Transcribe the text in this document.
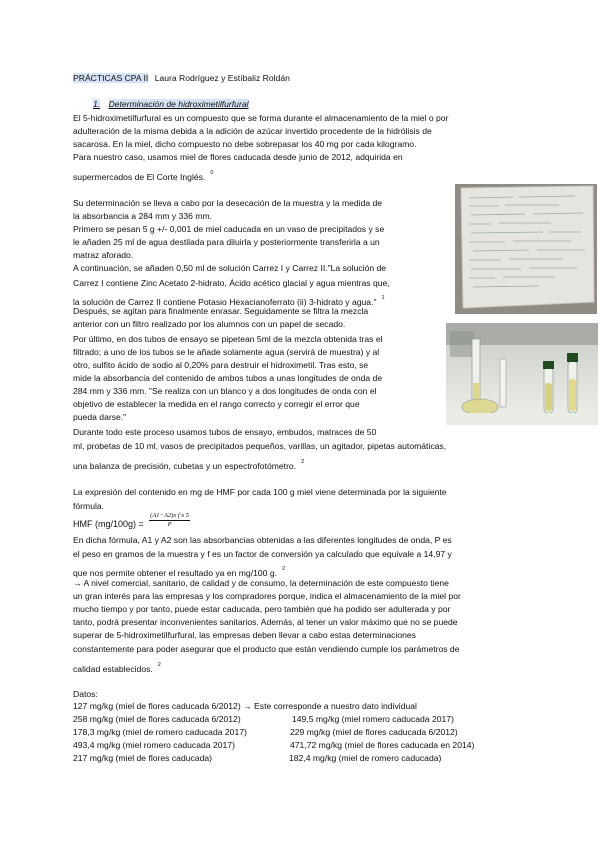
PRÁCTICAS CPA II Laura Rodríguez y Estíbaliz Roldán
1. Determinación de hidroximetilfurfural
El 5-hidroximetilfurfural es un compuesto que se forma durante el almacenamiento de la miel o por
adulteración de la misma debida a la adición de azúcar invertido procedente de la hidrólisis de
sacarosa. En la miel, dicho compuesto no debe sobrepasar los 40 mg por cada kilogramo.
Para nuestro caso, usamos miel de flores caducada desde junio de 2012, adquirida en
supermercados de El Corte Inglés. $^0$
Su determinación se lleva a cabo por la desecación de la muestra y la medida de
la absorbancia a 284 mm y 336 mm.
Primero se pesan 5 g +/- 0,001 de miel caducada en un vaso de precipitados y se
le añaden 25 ml de agua destilada para diluirla y posteriormente transferirla a un
matraz aforado.
A continuación, se añaden 0,50 ml de solución Carrez I y Carrez II."La solución de
Carrez I contiene Zinc Acetato 2-hidrato, Ácido acético glacial y agua mientras que,
la solución de Carrez II contiene Potasio Hexacianoferrato (ii) 3-hidrato y agua." $^1$
Después, se agitan para finalmente enrasar. Seguidamente se filtra la mezcla
anterior con un filtro realizado por los alumnos con un papel de secado.
Por último, en dos tubos de ensayo se pipetean 5ml de la mezcla obtenida tras el
filtrado; a uno de los tubos se le añade solamente agua (servirá de muestra) y al
otro, sulfito ácido de sodio al 0,20% para destruir el hidroximetil. Tras esto, se
mide la absorbancia del contenido de ambos tubos a unas longitudes de onda de
284 mm y 336 mm. "Se realiza con un blanco y a dos longitudes de onda con el
objetivo de establecer la medida en el rango correcto y corregir el error que
pueda darse."
Durante todo este proceso usamos tubos de ensayo, embudos, matraces de 50
ml, probetas de 10 ml, vasos de precipitados pequeños, varillas, un agitador, pipetas automáticas,
una balanza de precisión, cubetas y un espectrofotómetro. $^2$
La expresión del contenido en mg de HMF por cada 100 g miel viene determinada por la siguiente
fórmula.
HMF $(mg/100g) = \frac{\text{(A1−A2)x f x 5}}{P}$
En dicha fórmula, A1 y A2 son las absorbancias obtenidas a las diferentes longitudes de onda, P es
el peso en gramos de la muestra y f es un factor de conversión ya calculado que equivale a 14,97 y
que nos permite obtener el resultado ya en mg/100 g. $^2$
→ A nivel comercial, sanitario, de calidad y de consumo, la determinación de este compuesto tiene
un gran interés para las empresas y los compradores porque, indica el almacenamiento de la miel por
mucho tiempo y por tanto, puede estar caducada, pero también que ha podido ser adulterada y por
tanto, podrá presentar inconvenientes sanitarios. Además, al tener un valor máximo que no se puede
superar de 5-hidroximetilfurfural, las empresas deben llevar a cabo estas determinaciones
constantemente para poder asegurar que el producto que están vendiendo cumple los parámetros de
calidad establecidos. $^2$
Datos:
127 mg/kg (miel de flores caducada 6/2012) → Este corresponde a nuestro dato individual
258 mg/kg (miel de flores caducada 6/2012)	149,5 mg/kg (miel romero caducada 2017)
178,3 mg/kg (miel de romero caducada 2017)	229 mg/kg (miel de flores caducada 6/2012)
493,4 mg/kg (miel romero caducada 2017)	471,72 mg/kg (miel de flores caducada en 2014)
217 mg/kg (miel de flores caducada)	182,4 mg/kg (miel de romero caducada)
